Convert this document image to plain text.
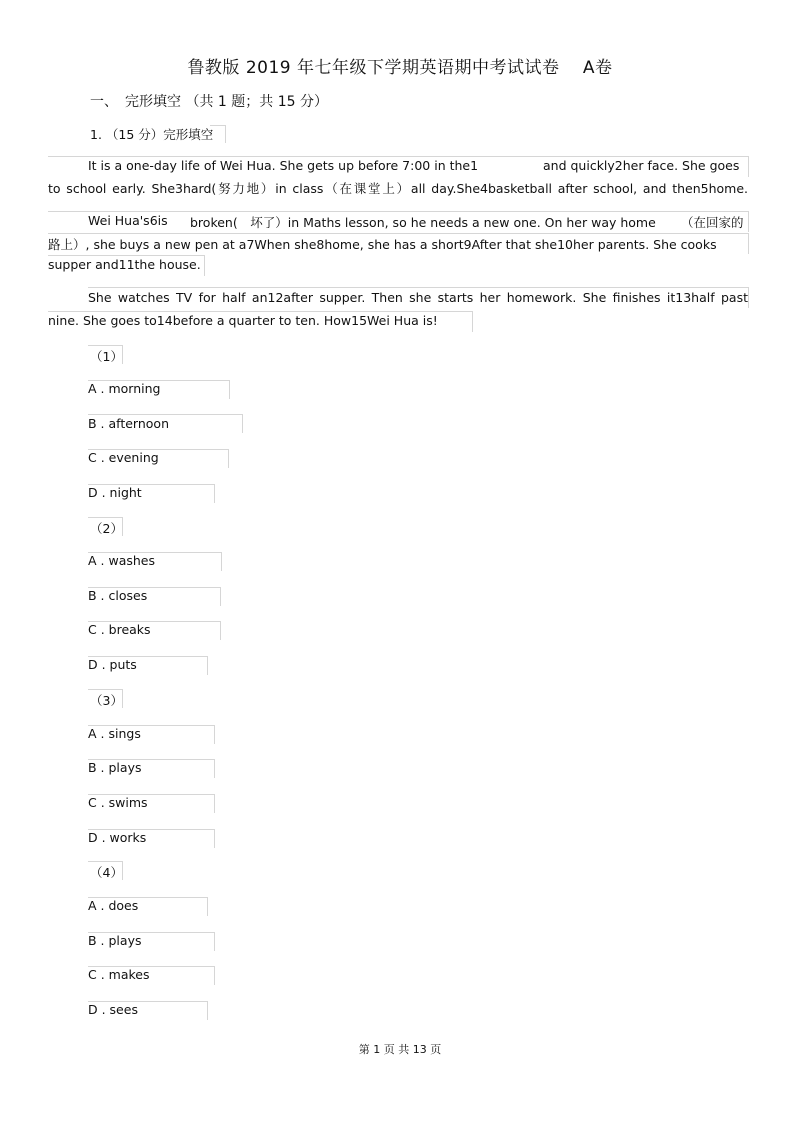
鲁教版 2019 年七年级下学期英语期中考试试卷　 A卷
一、　完形填空 （共 1 题；共 15 分）
1. （15 分）完形填空
It is a one-day life of Wei Hua. She gets up before 7:00 in the1	and quickly2her face. She goes
to school early. She3hard(努力地）in class（在课堂上）all day.She4basketball after school, and then5home.
Wei Hua's6is broken(　坏了）in Maths lesson, so he needs a new one. On her way home （在回家的
路上）, she buys a new pen at a7When she8home, she has a short9After that she10her parents. She cooks
supper and11the house.
She watches TV for half an12after supper. Then she starts her homework. She finishes it13half past
nine. She goes to14before a quarter to ten. How15Wei Hua is!
（1）
A . morning
B . afternoon
C . evening
D . night
（2）
A . washes
B . closes
C . breaks
D . puts
（3）
A . sings
B . plays
C . swims
D . works
（4）
A . does
B . plays
C . makes
D . sees
第 1 页 共 13 页
